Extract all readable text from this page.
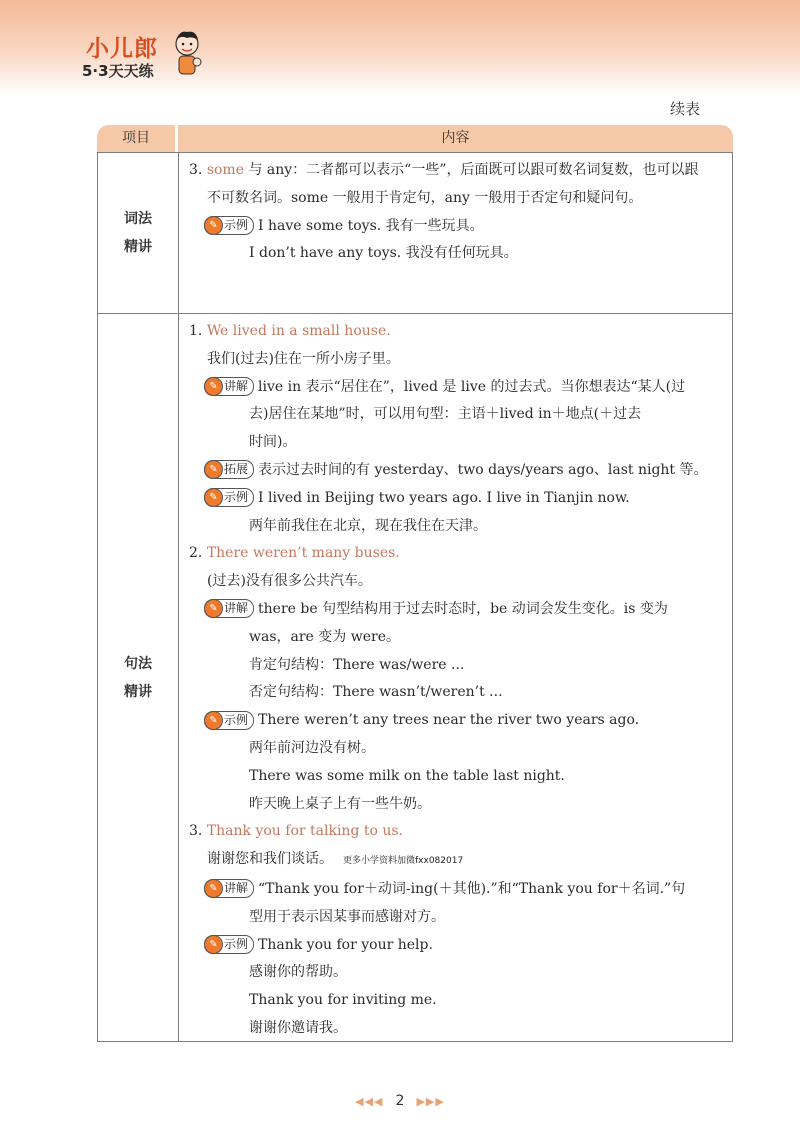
小儿郎
5·3天天练
续表
项目	内容
词法
精讲
3. some 与 any：二者都可以表示“一些”，后面既可以跟可数名词复数，也可以跟
不可数名词。some 一般用于肯定句，any 一般用于否定句和疑问句。
✎ 示例 I have some toys. 我有一些玩具。
I don’t have any toys. 我没有任何玩具。
句法
精讲
1. We lived in a small house.
我们(过去)住在一所小房子里。
✎ 讲解 live in 表示“居住在”，lived 是 live 的过去式。当你想表达“某人(过
去)居住在某地”时，可以用句型：主语＋lived in＋地点(＋过去
时间)。
✎ 拓展 表示过去时间的有 yesterday、two days/years ago、last night 等。
✎ 示例 I lived in Beijing two years ago. I live in Tianjin now.
两年前我住在北京，现在我住在天津。
2. There weren’t many buses.
(过去)没有很多公共汽车。
✎ 讲解 there be 句型结构用于过去时态时，be 动词会发生变化。is 变为
was，are 变为 were。
肯定句结构：There was/were ...
否定句结构：There wasn’t/weren’t ...
✎ 示例 There weren’t any trees near the river two years ago.
两年前河边没有树。
There was some milk on the table last night.
昨天晚上桌子上有一些牛奶。
3. Thank you for talking to us.
谢谢您和我们谈话。 更多小学资料加微fxx082017
✎ 讲解 “Thank you for＋动词-ing(＋其他).”和“Thank you for＋名词.”句
型用于表示因某事而感谢对方。
✎ 示例 Thank you for your help.
感谢你的帮助。
Thank you for inviting me.
谢谢你邀请我。
◀◀◀ 2 ▶▶▶
